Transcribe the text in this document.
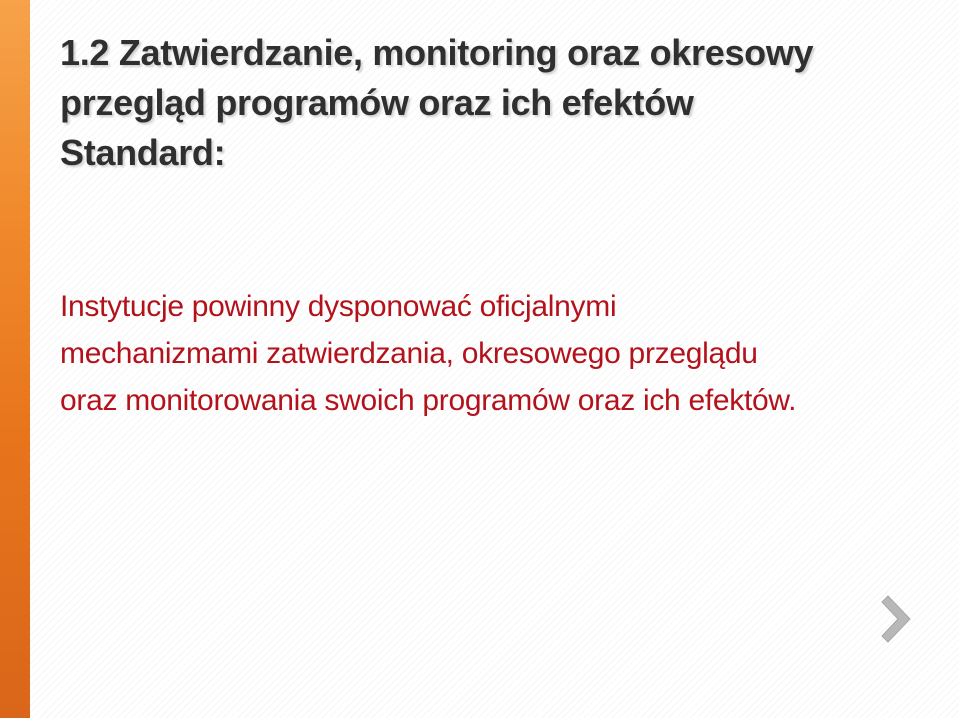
1.2 Zatwierdzanie, monitoring oraz okresowy
przegląd programów oraz ich efektów
Standard:

Instytucje powinny dysponować oficjalnymi
mechanizmami zatwierdzania, okresowego przeglądu
oraz monitorowania swoich programów oraz ich efektów.
